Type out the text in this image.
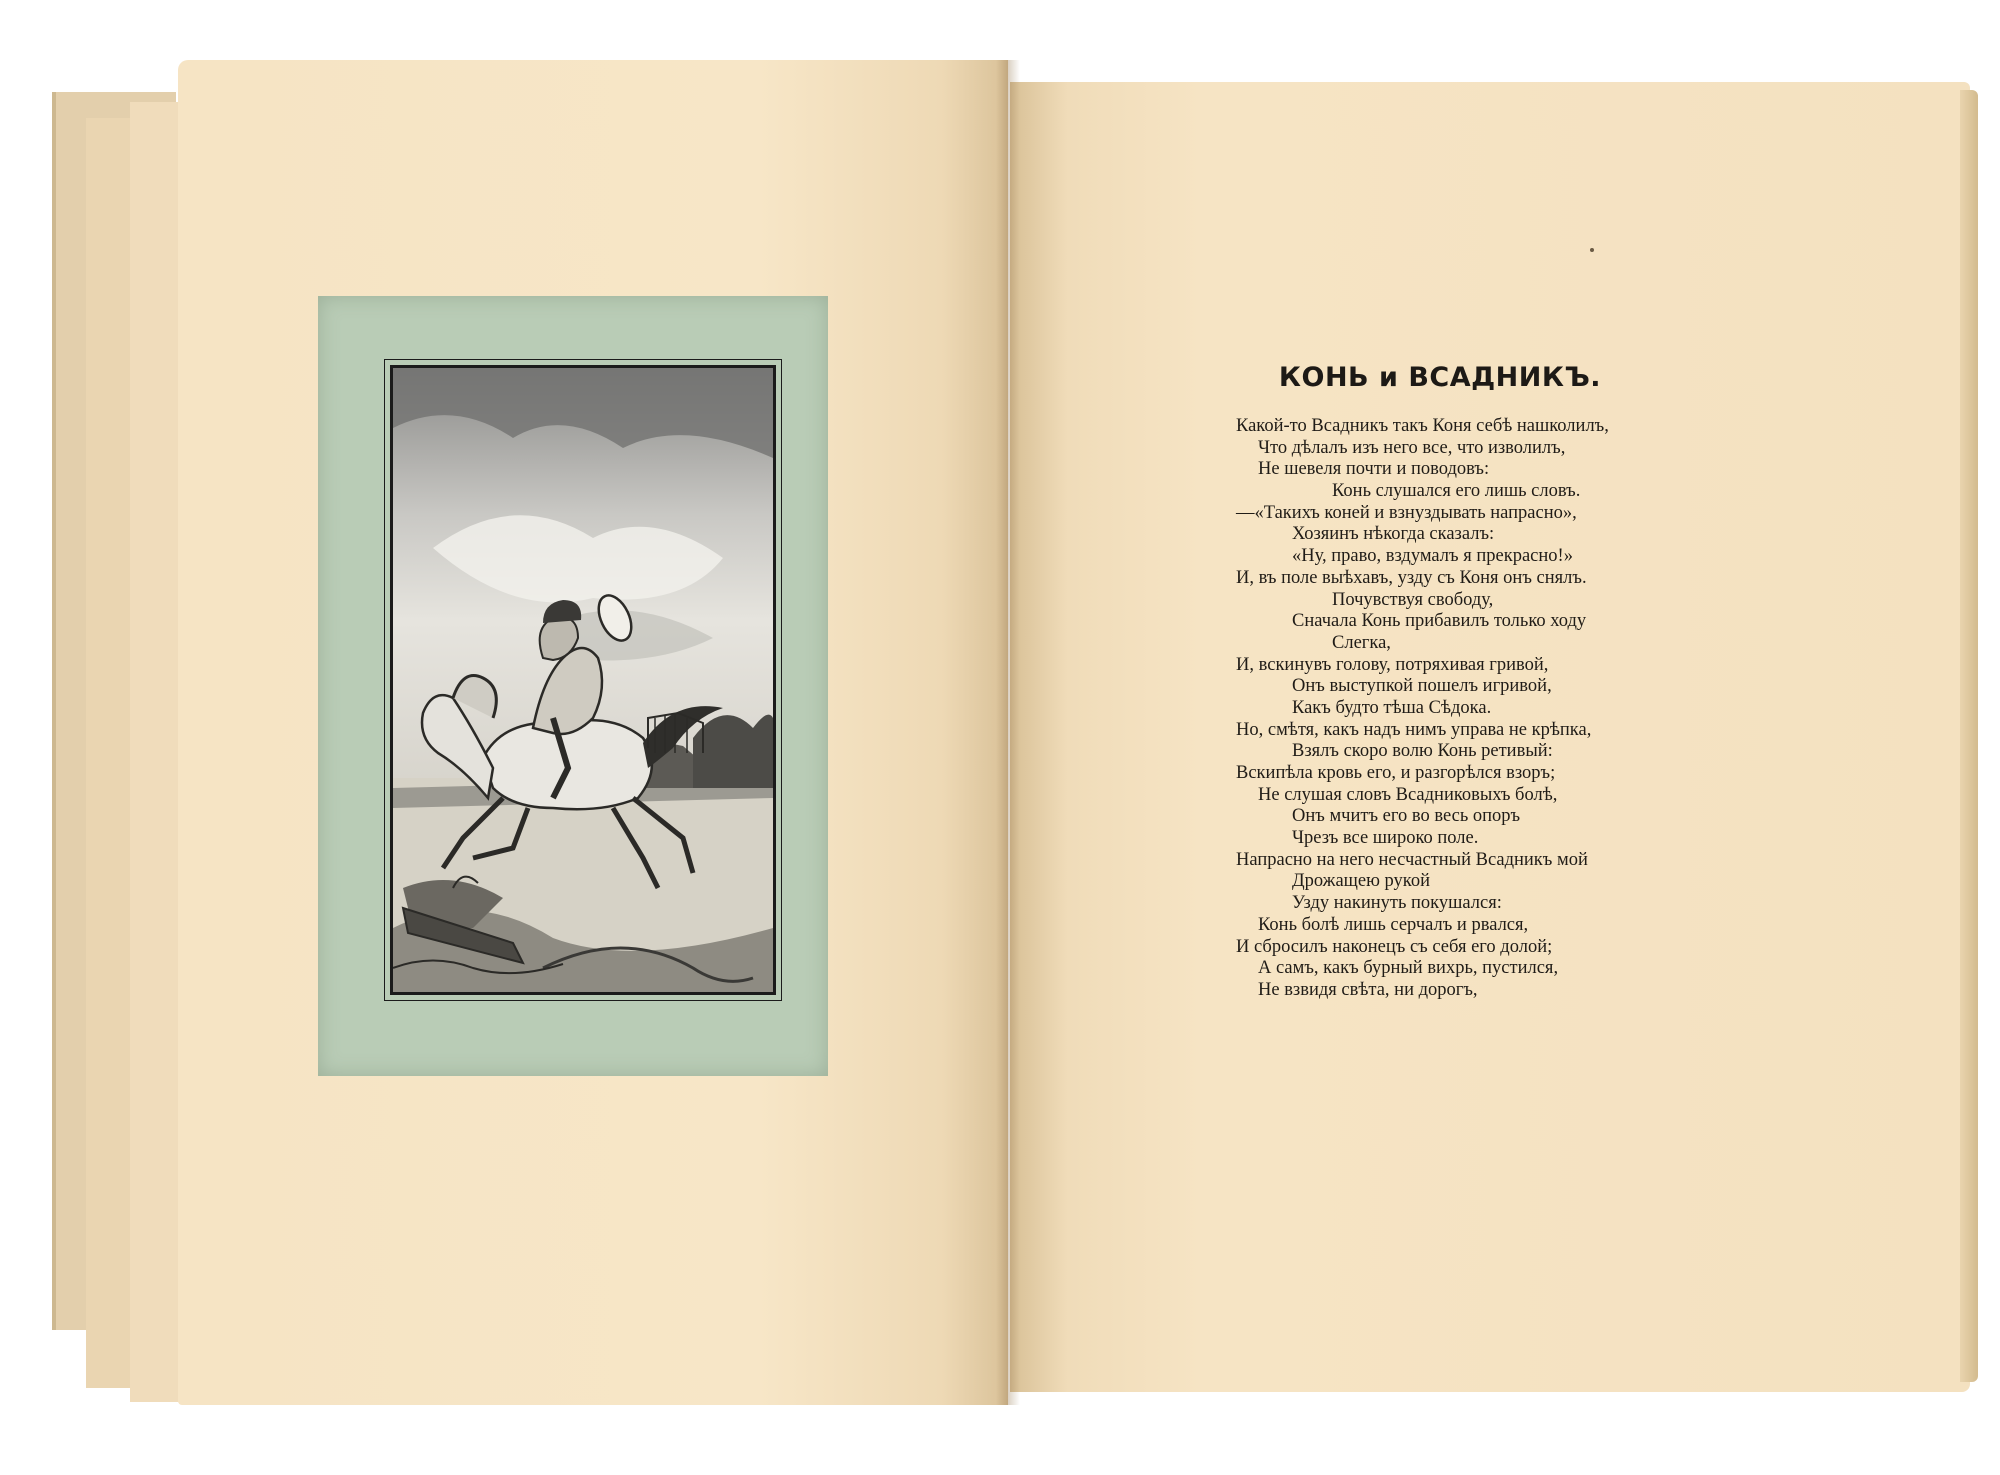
КОНЬ и ВСАДНИКЪ.
Какой-то Всадникъ такъ Коня себѣ нашколилъ,
Что дѣлалъ изъ него все, что изволилъ,
Не шевеля почти и поводовъ:
Конь слушался его лишь словъ.
—«Такихъ коней и взнуздывать напрасно»,
Хозяинъ нѣкогда сказалъ:
«Ну, право, вздумалъ я прекрасно!»
И, въ поле выѣхавъ, узду съ Коня онъ снялъ.
Почувствуя свободу,
Сначала Конь прибавилъ только ходу
Слегка,
И, вскинувъ голову, потряхивая гривой,
Онъ выступкой пошелъ игривой,
Какъ будто тѣша Сѣдока.
Но, смѣтя, какъ надъ нимъ управа не крѣпка,
Взялъ скоро волю Конь ретивый:
Вскипѣла кровь его, и разгорѣлся взоръ;
Не слушая словъ Всадниковыхъ болѣ,
Онъ мчитъ его во весь опоръ
Чрезъ все широко поле.
Напрасно на него несчастный Всадникъ мой
Дрожащею рукой
Узду накинуть покушался:
Конь болѣ лишь серчалъ и рвался,
И сбросилъ наконецъ съ себя его долой;
А самъ, какъ бурный вихрь, пустился,
Не взвидя свѣта, ни дорогъ,
